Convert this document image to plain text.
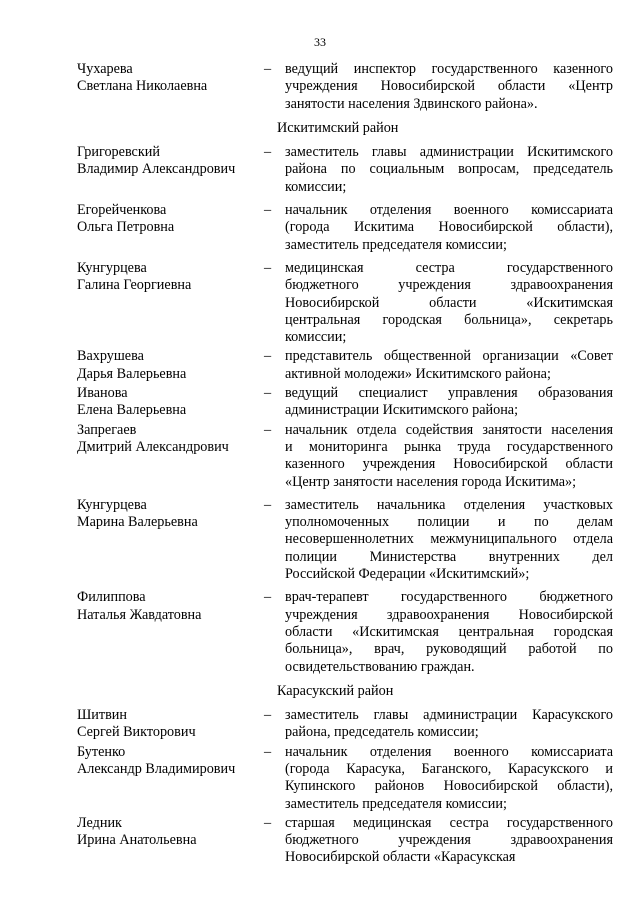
33
Чухарева
Светлана Николаевна
– ведущий инспектор государственного казенного
учреждения Новосибирской области «Центр
занятости населения Здвинского района».
Искитимский район
Григоревский
Владимир Александрович
– заместитель главы администрации Искитимского
района по социальным вопросам, председатель
комиссии;
Егорейченкова
Ольга Петровна
– начальник отделения военного комиссариата
(города Искитима Новосибирской области),
заместитель председателя комиссии;
Кунгурцева
Галина Георгиевна
– медицинская сестра государственного
бюджетного учреждения здравоохранения
Новосибирской области «Искитимская
центральная городская больница», секретарь
комиссии;
Вахрушева
Дарья Валерьевна
– представитель общественной организации «Совет
активной молодежи» Искитимского района;
Иванова
Елена Валерьевна
– ведущий специалист управления образования
администрации Искитимского района;
Запрегаев
Дмитрий Александрович
– начальник отдела содействия занятости населения
и мониторинга рынка труда государственного
казенного учреждения Новосибирской области
«Центр занятости населения города Искитима»;
Кунгурцева
Марина Валерьевна
– заместитель начальника отделения участковых
уполномоченных полиции и по делам
несовершеннолетних межмуниципального отдела
полиции Министерства внутренних дел
Российской Федерации «Искитимский»;
Филиппова
Наталья Жавдатовна
– врач-терапевт государственного бюджетного
учреждения здравоохранения Новосибирской
области «Искитимская центральная городская
больница», врач, руководящий работой по
освидетельствованию граждан.
Карасукский район
Шитвин
Сергей Викторович
– заместитель главы администрации Карасукского
района, председатель комиссии;
Бутенко
Александр Владимирович
– начальник отделения военного комиссариата
(города Карасука, Баганского, Карасукского и
Купинского районов Новосибирской области),
заместитель председателя комиссии;
Ледник
Ирина Анатольевна
– старшая медицинская сестра государственного
бюджетного учреждения здравоохранения
Новосибирской области «Карасукская
